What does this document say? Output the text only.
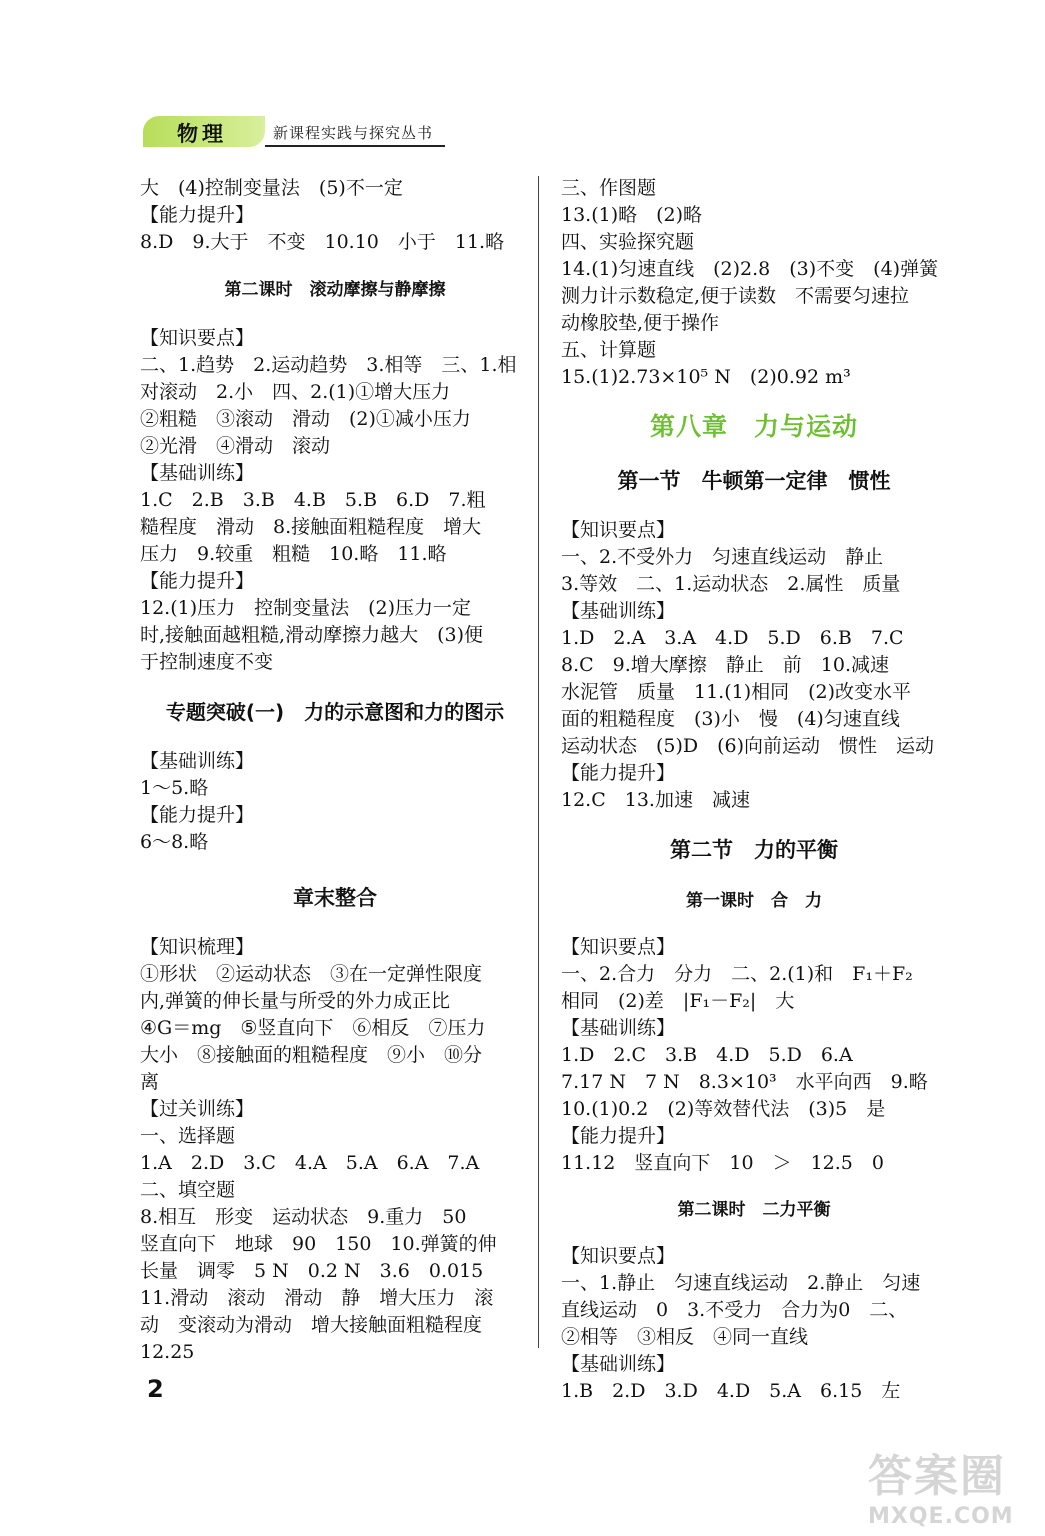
物理	新课程实践与探究丛书
大　(4)控制变量法　(5)不一定
【能力提升】
8.D　9.大于　不变　10.10　小于　11.略
第二课时　滚动摩擦与静摩擦
【知识要点】
二、1.趋势　2.运动趋势　3.相等　三、1.相
对滚动　2.小　四、2.(1)①增大压力
②粗糙　③滚动　滑动　(2)①减小压力
②光滑　④滑动　滚动
【基础训练】
1.C　2.B　3.B　4.B　5.B　6.D　7.粗
糙程度　滑动　8.接触面粗糙程度　增大
压力　9.较重　粗糙　10.略　11.略
【能力提升】
12.(1)压力　控制变量法　(2)压力一定
时,接触面越粗糙,滑动摩擦力越大　(3)便
于控制速度不变
专题突破(一)　力的示意图和力的图示
【基础训练】
1～5.略
【能力提升】
6～8.略
章末整合
【知识梳理】
①形状　②运动状态　③在一定弹性限度
内,弹簧的伸长量与所受的外力成正比
④G＝mg　⑤竖直向下　⑥相反　⑦压力
大小　⑧接触面的粗糙程度　⑨小　⑩分
离
【过关训练】
一、选择题
1.A　2.D　3.C　4.A　5.A　6.A　7.A
二、填空题
8.相互　形变　运动状态　9.重力　50
竖直向下　地球　90　150　10.弹簧的伸
长量　调零　5 N　0.2 N　3.6　0.015
11.滑动　滚动　滑动　静　增大压力　滚
动　变滚动为滑动　增大接触面粗糙程度
12.25
三、作图题
13.(1)略　(2)略
四、实验探究题
14.(1)匀速直线　(2)2.8　(3)不变　(4)弹簧
测力计示数稳定,便于读数　不需要匀速拉
动橡胶垫,便于操作
五、计算题
15.(1)2.73×10⁵ N　(2)0.92 m³
第八章　力与运动
第一节　牛顿第一定律　惯性
【知识要点】
一、2.不受外力　匀速直线运动　静止
3.等效　二、1.运动状态　2.属性　质量
【基础训练】
1.D　2.A　3.A　4.D　5.D　6.B　7.C
8.C　9.增大摩擦　静止　前　10.减速
水泥管　质量　11.(1)相同　(2)改变水平
面的粗糙程度　(3)小　慢　(4)匀速直线
运动状态　(5)D　(6)向前运动　惯性　运动
【能力提升】
12.C　13.加速　减速
第二节　力的平衡
第一课时　合　力
【知识要点】
一、2.合力　分力　二、2.(1)和　F₁＋F₂
相同　(2)差　|F₁－F₂|　大
【基础训练】
1.D　2.C　3.B　4.D　5.D　6.A
7.17 N　7 N　8.3×10³　水平向西　9.略
10.(1)0.2　(2)等效替代法　(3)5　是
【能力提升】
11.12　竖直向下　10　＞　12.5　0
第二课时　二力平衡
【知识要点】
一、1.静止　匀速直线运动　2.静止　匀速
直线运动　0　3.不受力　合力为0　二、
②相等　③相反　④同一直线
【基础训练】
1.B　2.D　3.D　4.D　5.A　6.15　左
2
答案圈
MXQE.COM
